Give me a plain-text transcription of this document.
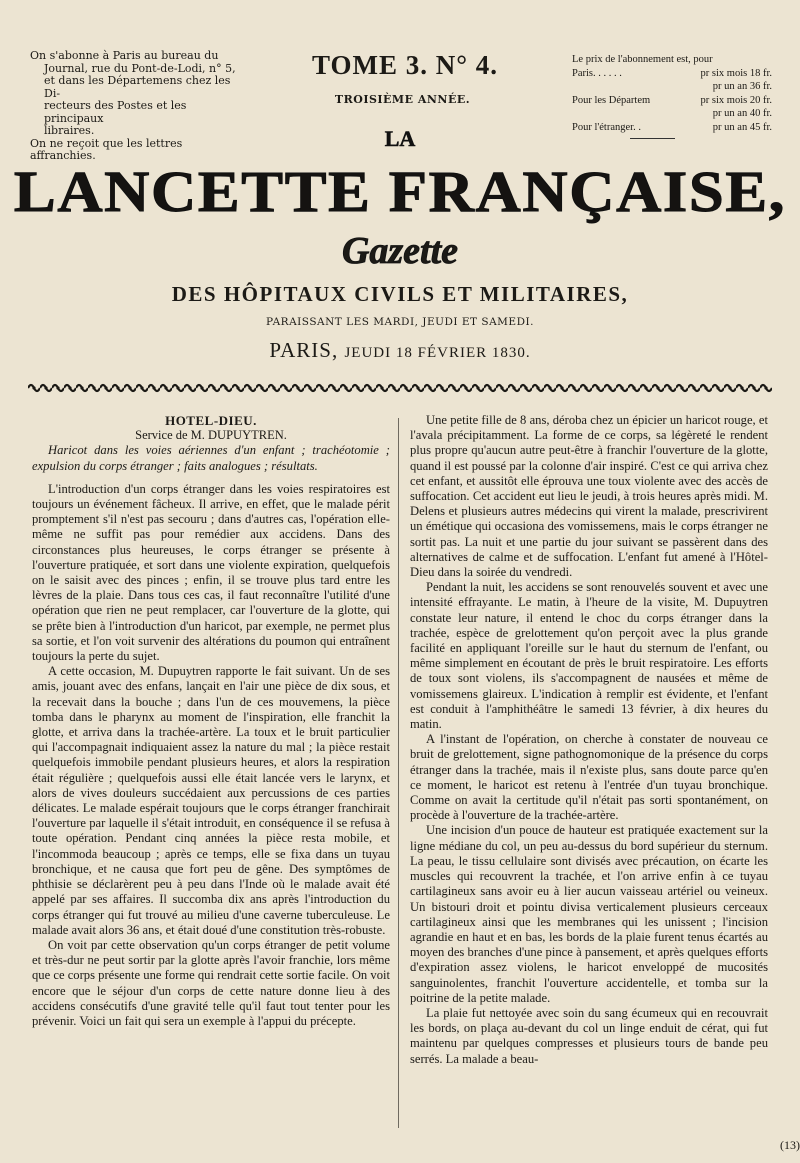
On s'abonne à Paris au bureau du

Journal, rue du Pont-de-Lodi, n° 5,

et dans les Départemens chez les Di-

recteurs des Postes et les principaux

libraires.

On ne reçoit que les lettres affranchies.

TOME 3. N° 4.
TROISIÈME ANNÉE.
Le prix de l'abonnement est, pour
Paris. . . . . .	pr six mois 18 fr.
pr un an 36 fr.
Pour les Départem	pr six mois 20 fr.
pr un an 40 fr.
Pour l'étranger. .	pr un an 45 fr.
LA
LANCETTE FRANÇAISE,
Gazette
DES HÔPITAUX CIVILS ET MILITAIRES,
PARAISSANT LES MARDI, JEUDI ET SAMEDI.
PARIS, JEUDI 18 FÉVRIER 1830.

HOTEL-DIEU.

Service de M. DUPUYTREN.

Haricot dans les voies aériennes d'un enfant ; trachéotomie ; expulsion du corps étranger ; faits analogues ; résultats.

L'introduction d'un corps étranger dans les voies respiratoires est toujours un événement fâcheux. Il arrive, en effet, que le malade périt promptement s'il n'est pas secouru ; dans d'autres cas, l'opération elle-même ne suffit pas pour remédier aux accidens. Dans des circonstances plus heureuses, le corps étranger se présente à l'ouverture pratiquée, et sort dans une violente expiration, quelquefois on le saisit avec des pinces ; enfin, il se trouve plus tard entre les lèvres de la plaie. Dans tous ces cas, il faut reconnaître l'utilité d'une opération que rien ne peut remplacer, car l'ouverture de la glotte, qui se prête bien à l'introduction d'un haricot, par exemple, ne permet plus sa sortie, et l'on voit survenir des altérations du poumon qui entraînent toujours la perte du sujet.

A cette occasion, M. Dupuytren rapporte le fait suivant. Un de ses amis, jouant avec des enfans, lançait en l'air une pièce de dix sous, et la recevait dans la bouche ; dans l'un de ces mouvemens, la pièce tomba dans le pharynx au moment de l'inspiration, elle franchit la glotte, et arriva dans la trachée-artère. La toux et le bruit particulier qui l'accompagnait indiquaient assez la nature du mal ; la pièce restait quelquefois immobile pendant plusieurs heures, et alors la respiration était régulière ; quelquefois aussi elle était lancée vers le larynx, et alors de vives douleurs succédaient aux percussions de ces parties délicates. Le malade espérait toujours que le corps étranger franchirait l'ouverture par laquelle il s'était introduit, en conséquence il se refusa à toute opération. Pendant cinq années la pièce resta mobile, et l'incommoda beaucoup ; après ce temps, elle se fixa dans un tuyau bronchique, et ne causa que fort peu de gêne. Des symptômes de phthisie se déclarèrent peu à peu dans l'Inde où le malade avait été appelé par ses affaires. Il succomba dix ans après l'introduction du corps étranger qui fut trouvé au milieu d'une caverne tuberculeuse. Le malade avait alors 36 ans, et était doué d'une constitution très-robuste.

On voit par cette observation qu'un corps étranger de petit volume et très-dur ne peut sortir par la glotte après l'avoir franchie, lors même que ce corps présente une forme qui rendrait cette sortie facile. On voit encore que le séjour d'un corps de cette nature donne lieu à des accidens consécutifs d'une gravité telle qu'il faut tout tenter pour les prévenir. Voici un fait qui sera un exemple à l'appui du précepte.

Une petite fille de 8 ans, déroba chez un épicier un haricot rouge, et l'avala précipitamment. La forme de ce corps, sa légèreté le rendent plus propre qu'aucun autre peut-être à franchir l'ouverture de la glotte, quand il est poussé par la colonne d'air inspiré. C'est ce qui arriva chez cet enfant, et aussitôt elle éprouva une toux violente avec des accès de suffocation. Cet accident eut lieu le jeudi, à trois heures après midi. M. Delens et plusieurs autres médecins qui virent la malade, prescrivirent un émétique qui occasiona des vomissemens, mais le corps étranger ne sortit pas. La nuit et une partie du jour suivant se passèrent dans des alternatives de calme et de suffocation. L'enfant fut amené à l'Hôtel-Dieu dans la soirée du vendredi.

Pendant la nuit, les accidens se sont renouvelés souvent et avec une intensité effrayante. Le matin, à l'heure de la visite, M. Dupuytren constate leur nature, il entend le choc du corps étranger dans la trachée, espèce de grelottement qu'on perçoit avec la plus grande facilité en appliquant l'oreille sur le haut du sternum de l'enfant, ou même simplement en écoutant de près le bruit respiratoire. Les efforts de toux sont violens, ils s'accompagnent de nausées et même de vomissemens glaireux. L'indication à remplir est évidente, et l'enfant est conduit à l'amphithéâtre le samedi 13 février, à dix heures du matin.

A l'instant de l'opération, on cherche à constater de nouveau ce bruit de grelottement, signe pathognomonique de la présence du corps étranger dans la trachée, mais il n'existe plus, sans doute parce qu'en ce moment, le haricot est retenu à l'entrée d'un tuyau bronchique. Comme on avait la certitude qu'il n'était pas sorti spontanément, on procède à l'ouverture de la trachée-artère.

Une incision d'un pouce de hauteur est pratiquée exactement sur la ligne médiane du col, un peu au-dessus du bord supérieur du sternum. La peau, le tissu cellulaire sont divisés avec précaution, on écarte les muscles qui recouvrent la trachée, et l'on arrive enfin à ce tuyau cartilagineux sans avoir eu à lier aucun vaisseau artériel ou veineux. Un bistouri droit et pointu divisa verticalement plusieurs cerceaux cartilagineux ainsi que les membranes qui les unissent ; l'incision agrandie en haut et en bas, les bords de la plaie furent tenus écartés au moyen des branches d'une pince à pansement, et après quelques efforts d'expiration assez violens, le haricot enveloppé de mucosités sanguinolentes, franchit l'ouverture accidentelle, et tomba sur la poitrine de la petite malade.

La plaie fut nettoyée avec soin du sang écumeux qui en recouvrait les bords, on plaça au-devant du col un linge enduit de cérat, qui fut maintenu par quelques compresses et plusieurs tours de bande peu serrés. La malade a beau-

(13)
